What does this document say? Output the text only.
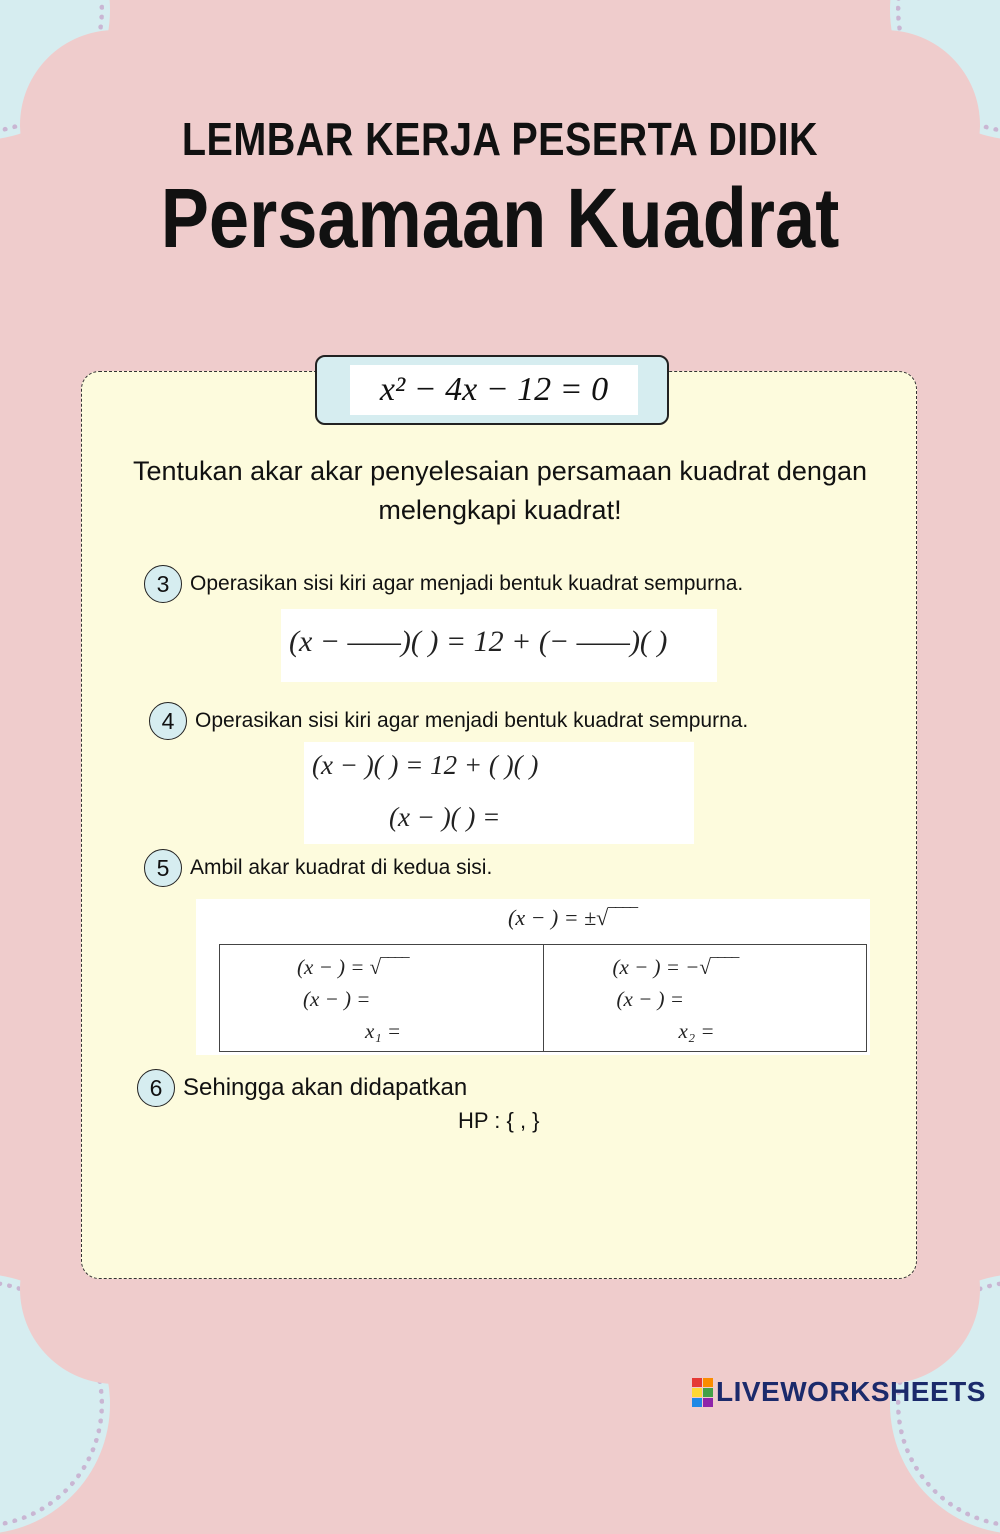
LEMBAR KERJA PESERTA DIDIK
Persamaan Kuadrat
x² − 4x − 12 = 0
Tentukan akar akar penyelesaian persamaan kuadrat dengan melengkapi kuadrat!
3 Operasikan sisi kiri agar menjadi bentuk kuadrat sempurna.
(x − ——)( ) = 12 + (− ——)( )
4 Operasikan sisi kiri agar menjadi bentuk kuadrat sempurna.
(x − )( ) = 12 + ( )( )
(x − )( ) =
5 Ambil akar kuadrat di kedua sisi.
(x − ) = ±√‾‾‾‾
(x − ) = √‾‾‾‾
(x − ) =
x₁ =

(x − ) = −√‾‾‾‾
(x − ) =
x₂ =
6 Sehingga akan didapatkan
HP : { , }
LIVEWORKSHEETS
